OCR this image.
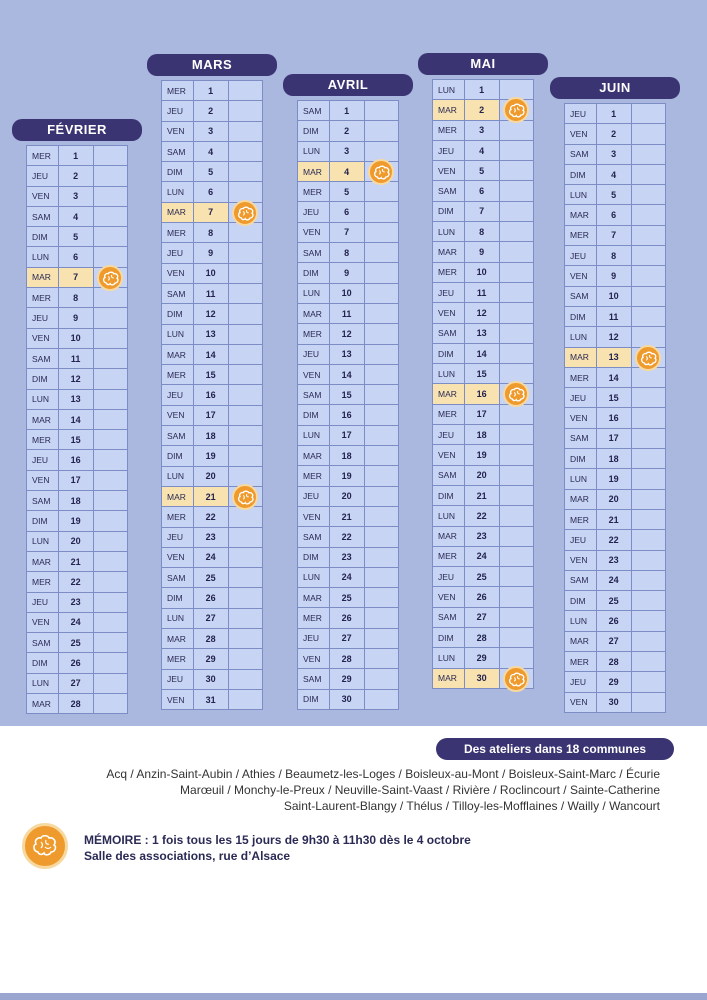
FÉVRIER
MER	1	
JEU	2	
VEN	3	
SAM	4	
DIM	5	
LUN	6	
MAR	7	

MER	8	
JEU	9	
VEN	10	
SAM	11	
DIM	12	
LUN	13	
MAR	14	
MER	15	
JEU	16	
VEN	17	
SAM	18	
DIM	19	
LUN	20	
MAR	21	
MER	22	
JEU	23	
VEN	24	
SAM	25	
DIM	26	
LUN	27	
MAR	28	
MARS
MER	1	
JEU	2	
VEN	3	
SAM	4	
DIM	5	
LUN	6	
MAR	7	

MER	8	
JEU	9	
VEN	10	
SAM	11	
DIM	12	
LUN	13	
MAR	14	
MER	15	
JEU	16	
VEN	17	
SAM	18	
DIM	19	
LUN	20	
MAR	21	

MER	22	
JEU	23	
VEN	24	
SAM	25	
DIM	26	
LUN	27	
MAR	28	
MER	29	
JEU	30	
VEN	31	
AVRIL
SAM	1	
DIM	2	
LUN	3	
MAR	4	

MER	5	
JEU	6	
VEN	7	
SAM	8	
DIM	9	
LUN	10	
MAR	11	
MER	12	
JEU	13	
VEN	14	
SAM	15	
DIM	16	
LUN	17	
MAR	18	
MER	19	
JEU	20	
VEN	21	
SAM	22	
DIM	23	
LUN	24	
MAR	25	
MER	26	
JEU	27	
VEN	28	
SAM	29	
DIM	30	
MAI
LUN	1	
MAR	2	

MER	3	
JEU	4	
VEN	5	
SAM	6	
DIM	7	
LUN	8	
MAR	9	
MER	10	
JEU	11	
VEN	12	
SAM	13	
DIM	14	
LUN	15	
MAR	16	

MER	17	
JEU	18	
VEN	19	
SAM	20	
DIM	21	
LUN	22	
MAR	23	
MER	24	
JEU	25	
VEN	26	
SAM	27	
DIM	28	
LUN	29	
MAR	30	
JUIN
JEU	1	
VEN	2	
SAM	3	
DIM	4	
LUN	5	
MAR	6	
MER	7	
JEU	8	
VEN	9	
SAM	10	
DIM	11	
LUN	12	
MAR	13	

MER	14	
JEU	15	
VEN	16	
SAM	17	
DIM	18	
LUN	19	
MAR	20	
MER	21	
JEU	22	
VEN	23	
SAM	24	
DIM	25	
LUN	26	
MAR	27	
MER	28	
JEU	29	
VEN	30	
Des ateliers dans 18 communes
Acq / Anzin-Saint-Aubin / Athies / Beaumetz-les-Loges / Boisleux-au-Mont / Boisleux-Saint-Marc / Écurie
Marœuil / Monchy-le-Preux / Neuville-Saint-Vaast / Rivière / Roclincourt / Sainte-Catherine
Saint-Laurent-Blangy / Thélus / Tilloy-les-Mofflaines / Wailly / Wancourt
MÉMOIRE : 1 fois tous les 15 jours de 9h30 à 11h30 dès le 4 octobre
Salle des associations, rue d’Alsace
